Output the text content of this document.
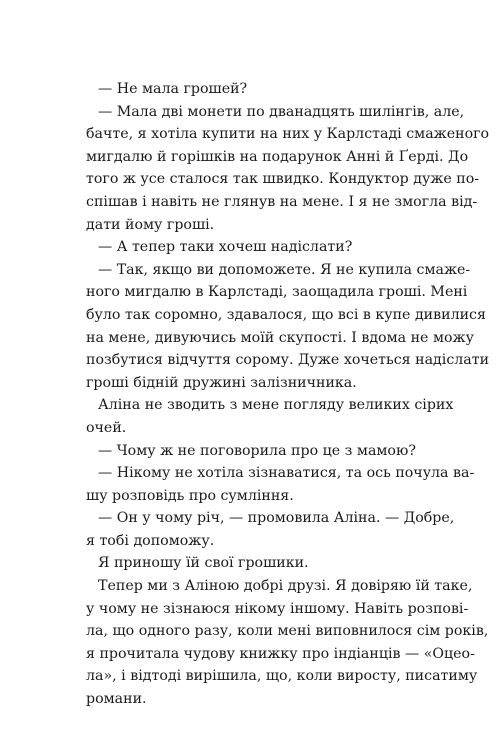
— Не мала грошей?
— Мала дві монети по дванадцять шилінгів, але,
бачте, я хотіла купити на них у Карлстаді смаженого
мигдалю й горішків на подарунок Анні й Ґерді. До
того ж усе сталося так швидко. Кондуктор дуже по-
спішав і навіть не глянув на мене. І я не змогла від-
дати йому гроші.
— А тепер таки хочеш надіслати?
— Так, якщо ви допоможете. Я не купила смаже-
ного мигдалю в Карлстаді, заощадила гроші. Мені
було так соромно, здавалося, що всі в купе дивилися
на мене, дивуючись моїй скупості. І вдома не можу
позбутися відчуття сорому. Дуже хочеться надіслати
гроші бідній дружині залізничника.
Аліна не зводить з мене погляду великих сірих
очей.
— Чому ж не поговорила про це з мамою?
— Нікому не хотіла зізнаватися, та ось почула ва-
шу розповідь про сумління.
— Он у чому річ, — промовила Аліна. — Добре,
я тобі допоможу.
Я приношу їй свої грошики.
Тепер ми з Аліною добрі друзі. Я довіряю їй таке,
у чому не зізнаюся нікому іншому. Навіть розпові-
ла, що одного разу, коли мені виповнилося сім років,
я прочитала чудову книжку про індіанців — «Оцео-
ла», і відтоді вирішила, що, коли виросту, писатиму
романи.
